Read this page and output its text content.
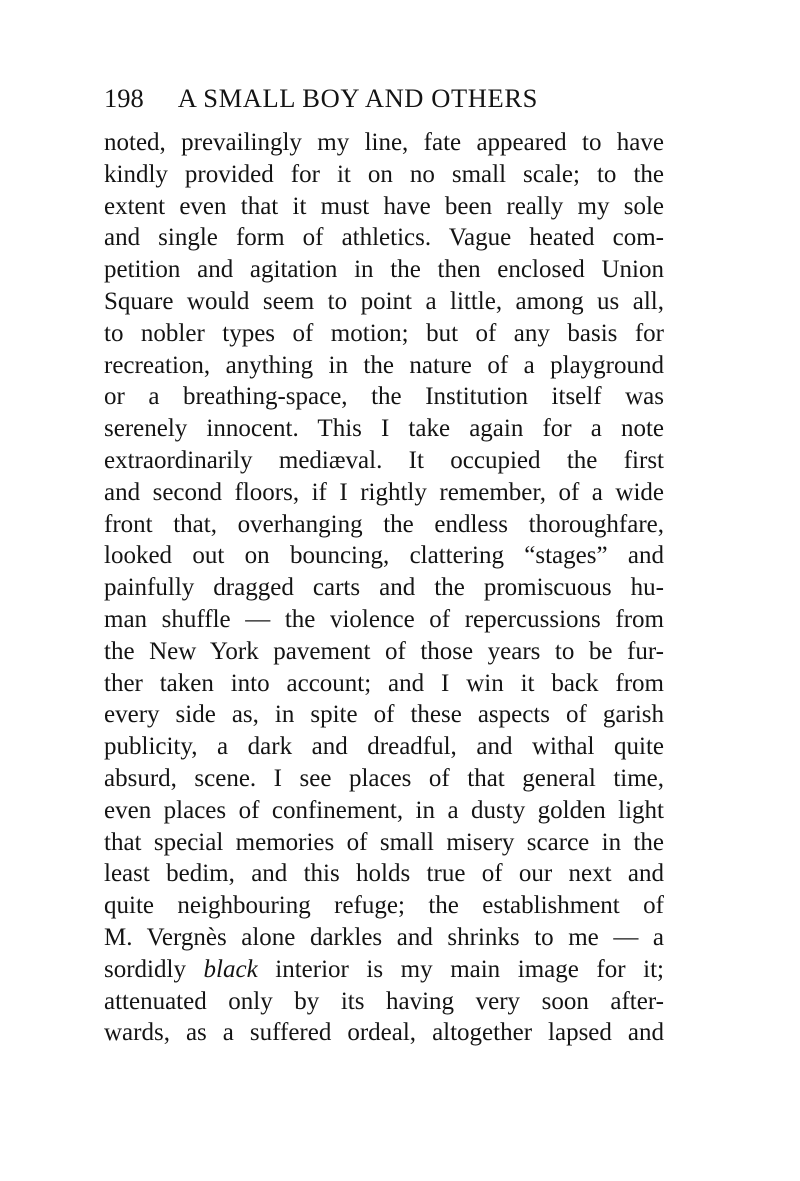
198 A SMALL BOY AND OTHERS
noted, prevailingly my line, fate appeared to have
kindly provided for it on no small scale; to the
extent even that it must have been really my sole
and single form of athletics. Vague heated com-
petition and agitation in the then enclosed Union
Square would seem to point a little, among us all,
to nobler types of motion; but of any basis for
recreation, anything in the nature of a playground
or a breathing-space, the Institution itself was
serenely innocent. This I take again for a note
extraordinarily mediæval. It occupied the first
and second floors, if I rightly remember, of a wide
front that, overhanging the endless thoroughfare,
looked out on bouncing, clattering “stages” and
painfully dragged carts and the promiscuous hu-
man shuffle — the violence of repercussions from
the New York pavement of those years to be fur-
ther taken into account; and I win it back from
every side as, in spite of these aspects of garish
publicity, a dark and dreadful, and withal quite
absurd, scene. I see places of that general time,
even places of confinement, in a dusty golden light
that special memories of small misery scarce in the
least bedim, and this holds true of our next and
quite neighbouring refuge; the establishment of
M. Vergnès alone darkles and shrinks to me — a
sordidly black interior is my main image for it;
attenuated only by its having very soon after-
wards, as a suffered ordeal, altogether lapsed and
